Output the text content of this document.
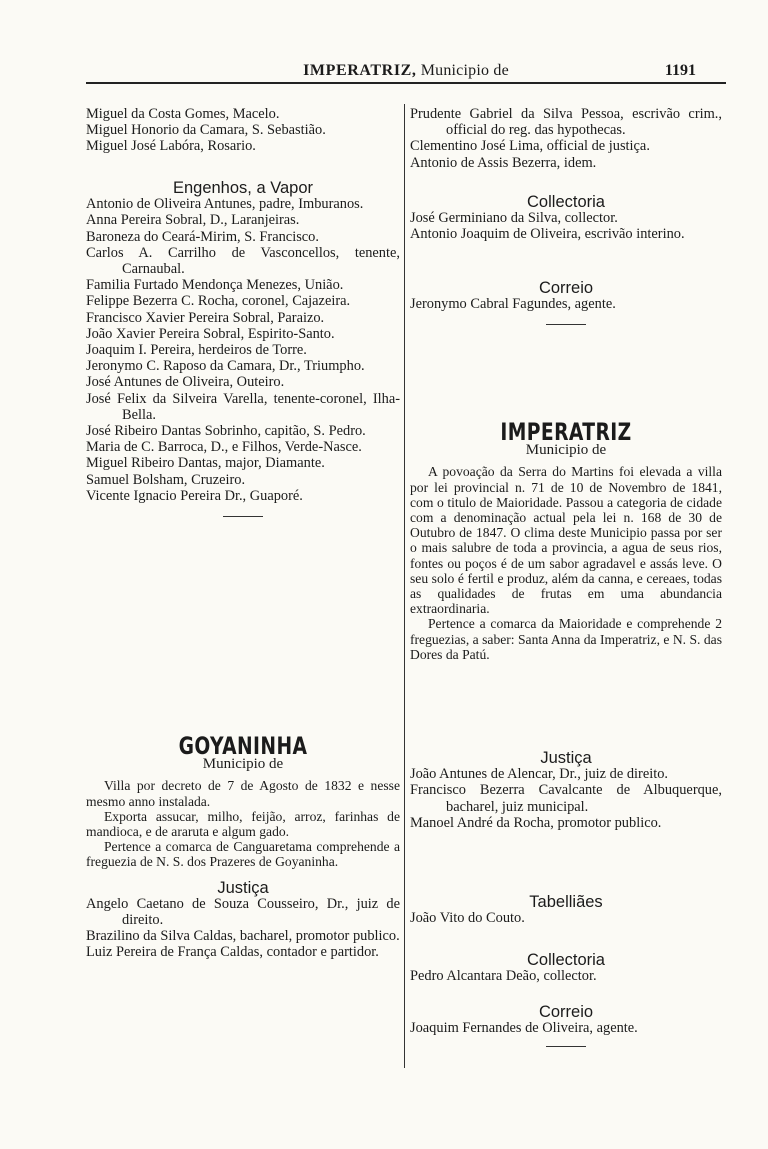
IMPERATRIZ, Municipio de	1191

Miguel da Costa Gomes, Macelo.

Miguel Honorio da Camara, S. Sebastião.

Miguel José Labóra, Rosario.

Engenhos, a Vapor

Antonio de Oliveira Antunes, padre, Imburanos.

Anna Pereira Sobral, D., Laranjeiras.

Baroneza do Ceará-Mirim, S. Francisco.

Carlos A. Carrilho de Vasconcellos, tenente, Carnaubal.

Familia Furtado Mendonça Menezes, União.

Felippe Bezerra C. Rocha, coronel, Cajazeira.

Francisco Xavier Pereira Sobral, Paraizo.

João Xavier Pereira Sobral, Espirito-Santo.

Joaquim I. Pereira, herdeiros de Torre.

Jeronymo C. Raposo da Camara, Dr., Triumpho.

José Antunes de Oliveira, Outeiro.

José Felix da Silveira Varella, tenente-coronel, Ilha-Bella.

José Ribeiro Dantas Sobrinho, capitão, S. Pedro.

Maria de C. Barroca, D., e Filhos, Verde-Nasce.

Miguel Ribeiro Dantas, major, Diamante.

Samuel Bolsham, Cruzeiro.

Vicente Ignacio Pereira Dr., Guaporé.

GOYANINHA

Municipio de

Villa por decreto de 7 de Agosto de 1832 e nesse mesmo anno instalada.

Exporta assucar, milho, feijão, arroz, farinhas de mandioca, e de araruta e algum gado.

Pertence a comarca de Canguaretama comprehende a freguezia de N. S. dos Prazeres de Goyaninha.

Justiça

Angelo Caetano de Souza Cousseiro, Dr., juiz de direito.

Brazilino da Silva Caldas, bacharel, promotor publico.

Luiz Pereira de França Caldas, contador e partidor.

Prudente Gabriel da Silva Pessoa, escrivão crim., official do reg. das hypothecas.

Clementino José Lima, official de justiça.

Antonio de Assis Bezerra, idem.

Collectoria

José Germiniano da Silva, collector.

Antonio Joaquim de Oliveira, escrivão interino.

Correio

Jeronymo Cabral Fagundes, agente.

IMPERATRIZ

Municipio de

A povoação da Serra do Martins foi elevada a villa por lei provincial n. 71 de 10 de Novembro de 1841, com o titulo de Maioridade. Passou a categoria de cidade com a denominação actual pela lei n. 168 de 30 de Outubro de 1847. O clima deste Municipio passa por ser o mais salubre de toda a provincia, a agua de seus rios, fontes ou poços é de um sabor agradavel e assás leve. O seu solo é fertil e produz, além da canna, e cereaes, todas as qualidades de frutas em uma abundancia extraordinaria.

Pertence a comarca da Maioridade e comprehende 2 freguezias, a saber: Santa Anna da Imperatriz, e N. S. das Dores da Patú.

Justiça

João Antunes de Alencar, Dr., juiz de direito.

Francisco Bezerra Cavalcante de Albuquerque, bacharel, juiz municipal.

Manoel André da Rocha, promotor publico.

Tabelliães

João Vito do Couto.

Collectoria

Pedro Alcantara Deão, collector.

Correio

Joaquim Fernandes de Oliveira, agente.
